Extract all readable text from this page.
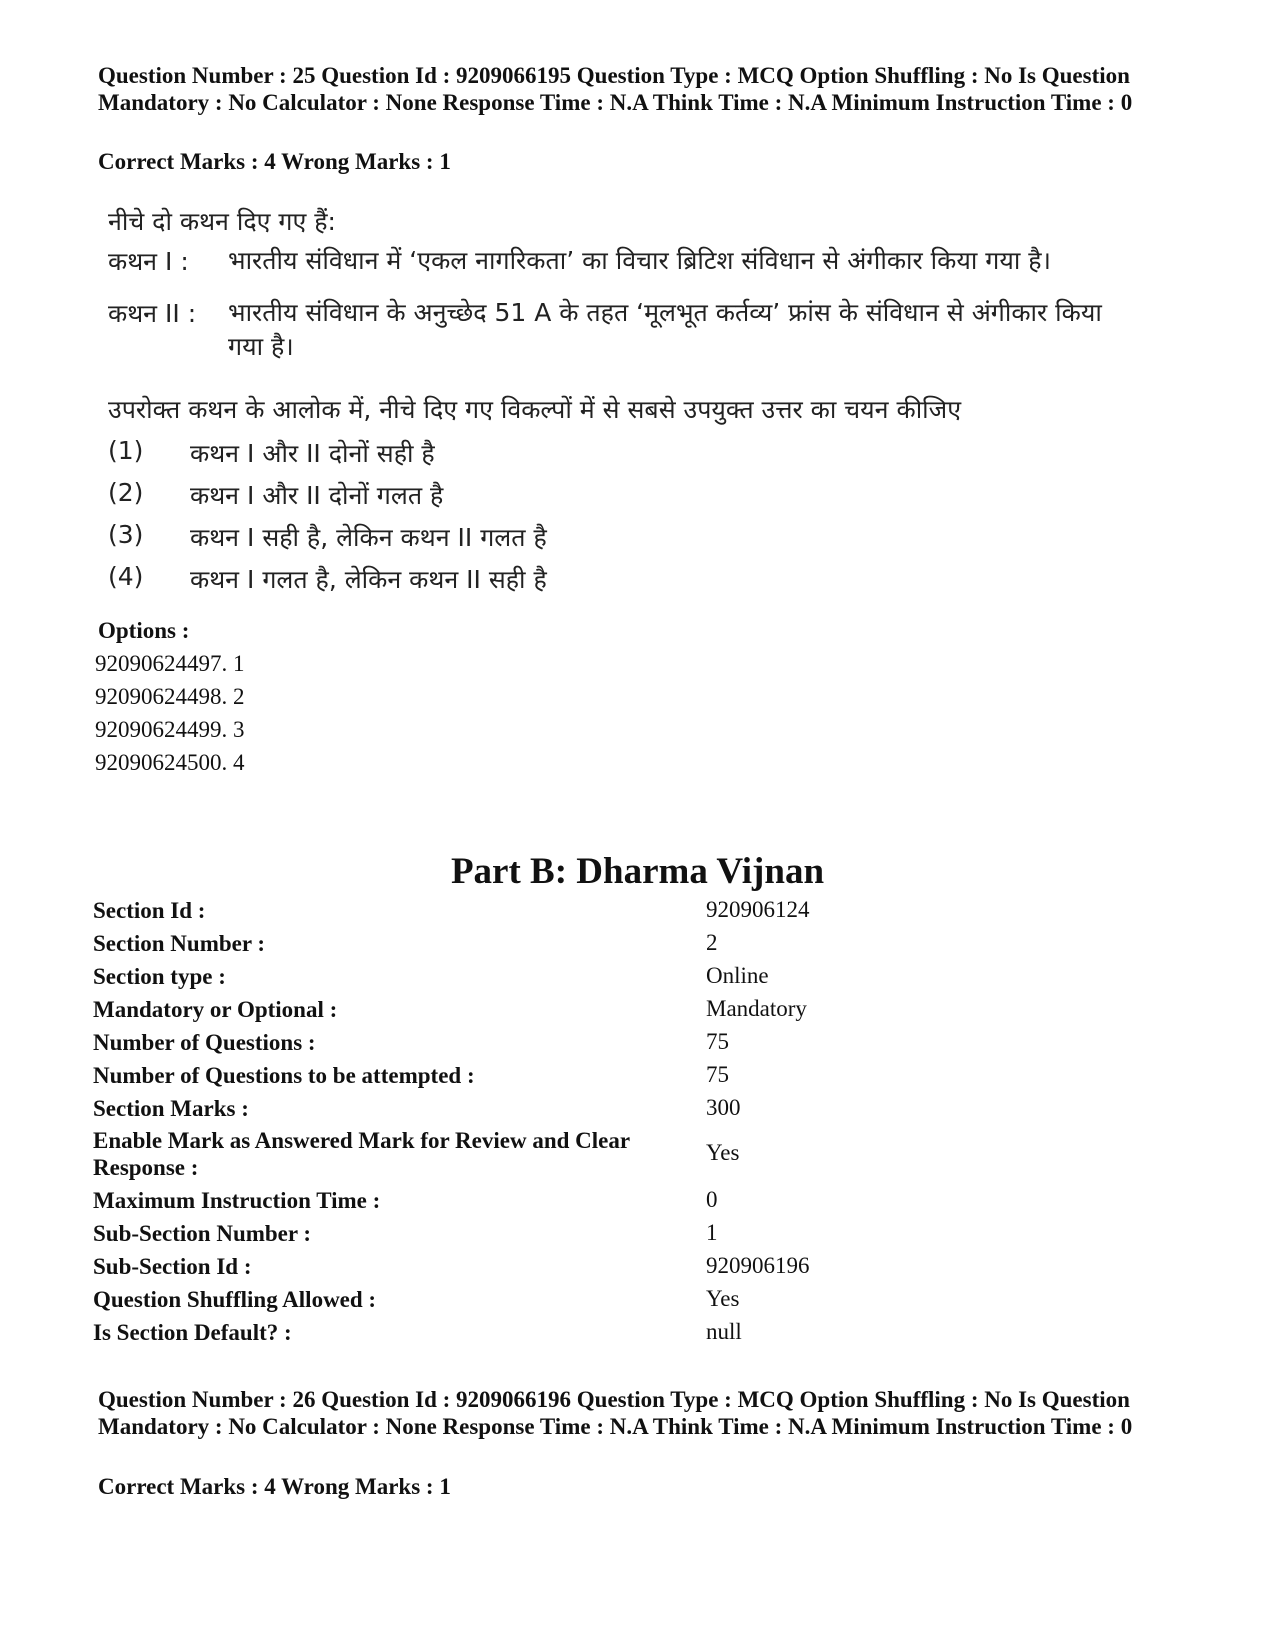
Question Number : 25 Question Id : 9209066195 Question Type : MCQ Option Shuffling : No Is Question Mandatory : No Calculator : None Response Time : N.A Think Time : N.A Minimum Instruction Time : 0
Correct Marks : 4 Wrong Marks : 1
नीचे दो कथन दिए गए हैं:
कथन I :	भारतीय संविधान में ‘एकल नागरिकता’ का विचार ब्रिटिश संविधान से अंगीकार किया गया है।
कथन II :	भारतीय संविधान के अनुच्छेद 51 A के तहत ‘मूलभूत कर्तव्य’ फ्रांस के संविधान से अंगीकार किया गया है।
उपरोक्त कथन के आलोक में, नीचे दिए गए विकल्पों में से सबसे उपयुक्त उत्तर का चयन कीजिए
(1)	कथन I और II दोनों सही है
(2)	कथन I और II दोनों गलत है
(3)	कथन I सही है, लेकिन कथन II गलत है
(4)	कथन I गलत है, लेकिन कथन II सही है
Options :
92090624497. 1
92090624498. 2
92090624499. 3
92090624500. 4
Part B: Dharma Vijnan
Section Id :	920906124
Section Number :	2
Section type :	Online
Mandatory or Optional :	Mandatory
Number of Questions :	75
Number of Questions to be attempted :	75
Section Marks :	300
Enable Mark as Answered Mark for Review and Clear Response :
Yes
Maximum Instruction Time :	0
Sub-Section Number :	1
Sub-Section Id :	920906196
Question Shuffling Allowed :	Yes
Is Section Default? :	null
Question Number : 26 Question Id : 9209066196 Question Type : MCQ Option Shuffling : No Is Question Mandatory : No Calculator : None Response Time : N.A Think Time : N.A Minimum Instruction Time : 0
Correct Marks : 4 Wrong Marks : 1
